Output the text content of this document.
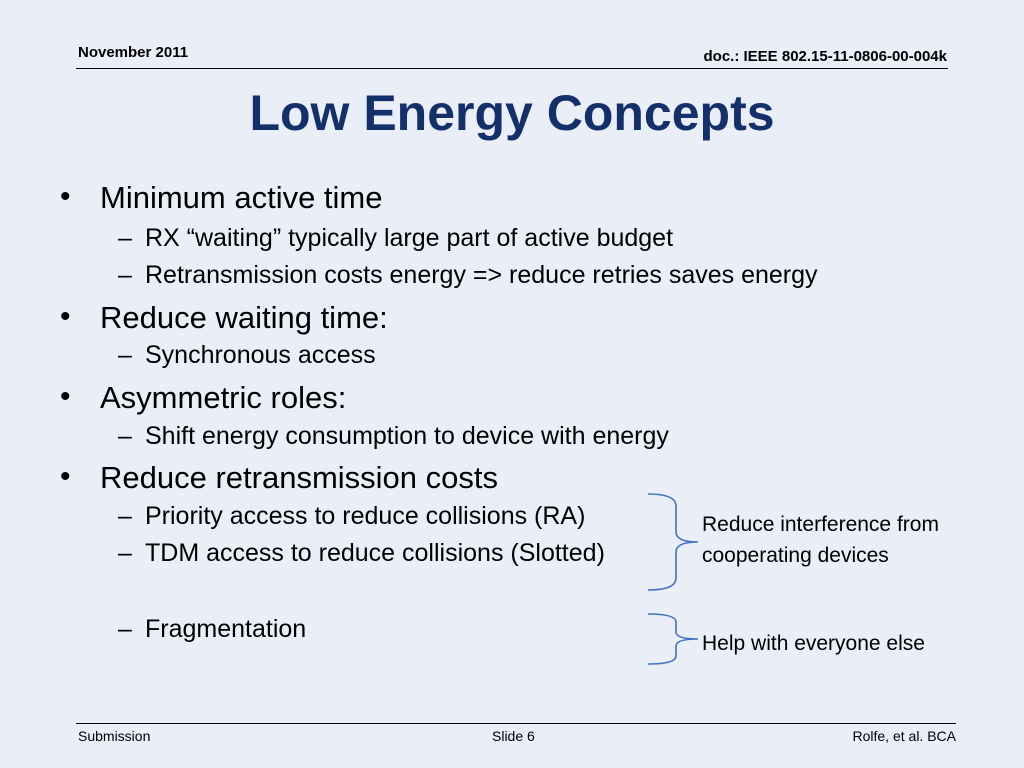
November 2011	doc.: IEEE 802.15-11-0806-00-004k
Low Energy Concepts
• Minimum active time
– RX “waiting” typically large part of active budget
– Retransmission costs energy => reduce retries saves energy
• Reduce waiting time:
– Synchronous access
• Asymmetric roles:
– Shift energy consumption to device with energy
• Reduce retransmission costs
– Priority access to reduce collisions (RA)
– TDM access to reduce collisions (Slotted)
– Fragmentation
Reduce interference from
cooperating devices
Help with everyone else
Submission	Slide 6	Rolfe, et al. BCA
